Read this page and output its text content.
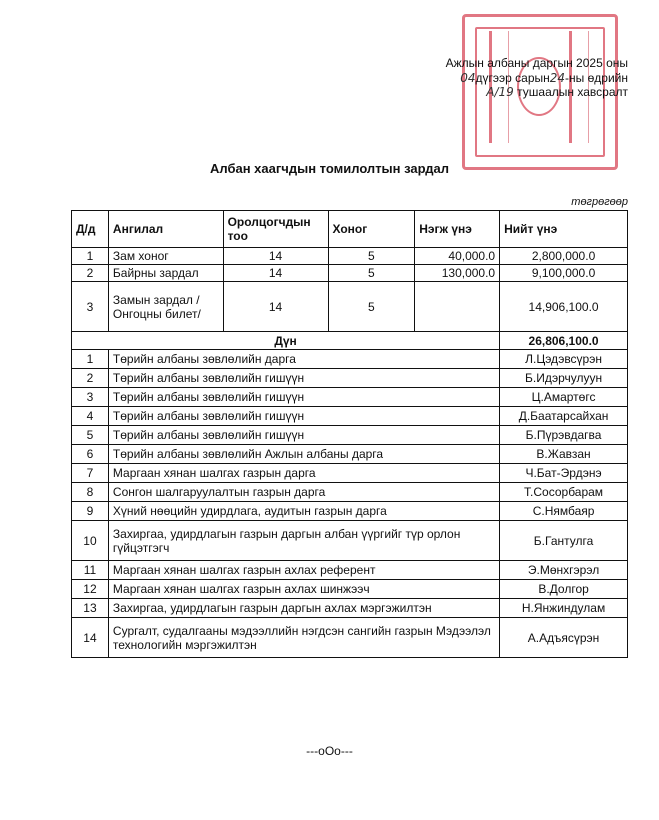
Ажлын албаны даргын 2025 оны
04дүгээр сарын24-ны өдрийн
А/19 тушаалын хавсралт
Албан хаагчдын томилолтын зардал
төгрөгөөр
Д/д	Ангилал	Оролцогчдын тоо	Хоног	Нэгж үнэ	Нийт үнэ
1	Зам хоног	14	5	40,000.0	2,800,000.0
2	Байрны зардал	14	5	130,000.0	9,100,000.0
3	Замын зардал /Онгоцны билет/	14	5		14,906,100.0
Дүн					26,806,100.0
1	Төрийн албаны зөвлөлийн дарга				Л.Цэдэвсүрэн
2	Төрийн албаны зөвлөлийн гишүүн				Б.Идэрчулуун
3	Төрийн албаны зөвлөлийн гишүүн				Ц.Амартөгс
4	Төрийн албаны зөвлөлийн гишүүн				Д.Баатарсайхан
5	Төрийн албаны зөвлөлийн гишүүн				Б.Пүрэвдагва
6	Төрийн албаны зөвлөлийн Ажлын албаны дарга				В.Жавзан
7	Маргаан хянан шалгах газрын дарга				Ч.Бат-Эрдэнэ
8	Сонгон шалгаруулалтын газрын дарга				Т.Сосорбарам
9	Хүний нөөцийн удирдлага, аудитын газрын дарга				С.Нямбаяр
10	Захиргаа, удирдлагын газрын даргын албан үүргийг түр орлон гүйцэтгэгч				Б.Гантулга
11	Маргаан хянан шалгах газрын ахлах референт				Э.Мөнхгэрэл
12	Маргаан хянан шалгах газрын ахлах шинжээч				В.Долгор
13	Захиргаа, удирдлагын газрын даргын ахлах мэргэжилтэн				Н.Янжиндулам
14	Сургалт, судалгааны мэдээллийн нэгдсэн сангийн газрын Мэдээлэл технологийн мэргэжилтэн				А.Адъясүрэн
---oOo---
